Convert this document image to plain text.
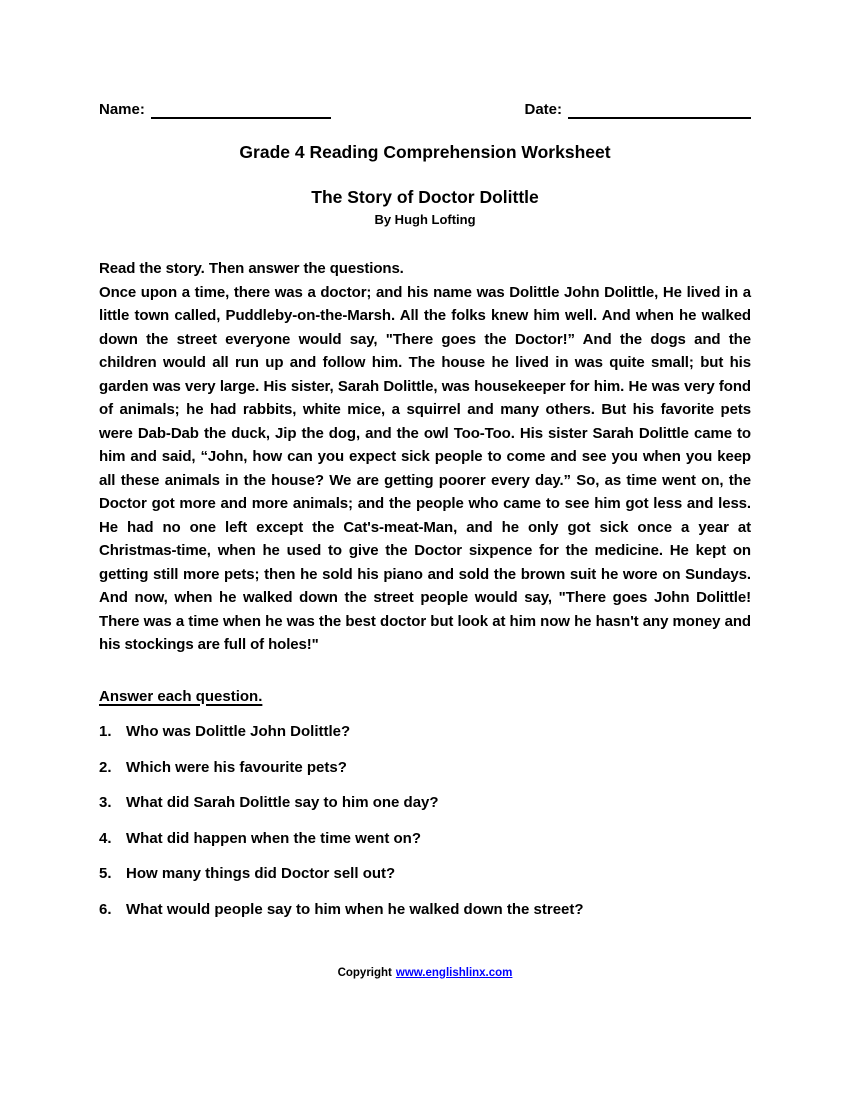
Name:	Date:
Grade 4 Reading Comprehension Worksheet
The Story of Doctor Dolittle
By Hugh Lofting
Read the story. Then answer the questions.
Once upon a time, there was a doctor; and his name was Dolittle John Dolittle, He lived in a little town called, Puddleby-on-the-Marsh. All the folks knew him well. And when he walked down the street everyone would say, "There goes the Doctor!” And the dogs and the children would all run up and follow him. The house he lived in was quite small; but his garden was very large. His sister, Sarah Dolittle, was housekeeper for him. He was very fond of animals; he had rabbits, white mice, a squirrel and many others. But his favorite pets were Dab-Dab the duck, Jip the dog, and the owl Too-Too. His sister Sarah Dolittle came to him and said, “John, how can you expect sick people to come and see you when you keep all these animals in the house? We are getting poorer every day.” So, as time went on, the Doctor got more and more animals; and the people who came to see him got less and less. He had no one left except the Cat's-meat-Man, and he only got sick once a year at Christmas-time, when he used to give the Doctor sixpence for the medicine. He kept on getting still more pets; then he sold his piano and sold the brown suit he wore on Sundays. And now, when he walked down the street people would say, "There goes John Dolittle! There was a time when he was the best doctor but look at him now he hasn't any money and his stockings are full of holes!"
Answer each question.
1. Who was Dolittle John Dolittle?
2. Which were his favourite pets?
3. What did Sarah Dolittle say to him one day?
4. What did happen when the time went on?
5. How many things did Doctor sell out?
6. What would people say to him when he walked down the street?
Copyright www.englishlinx.com
